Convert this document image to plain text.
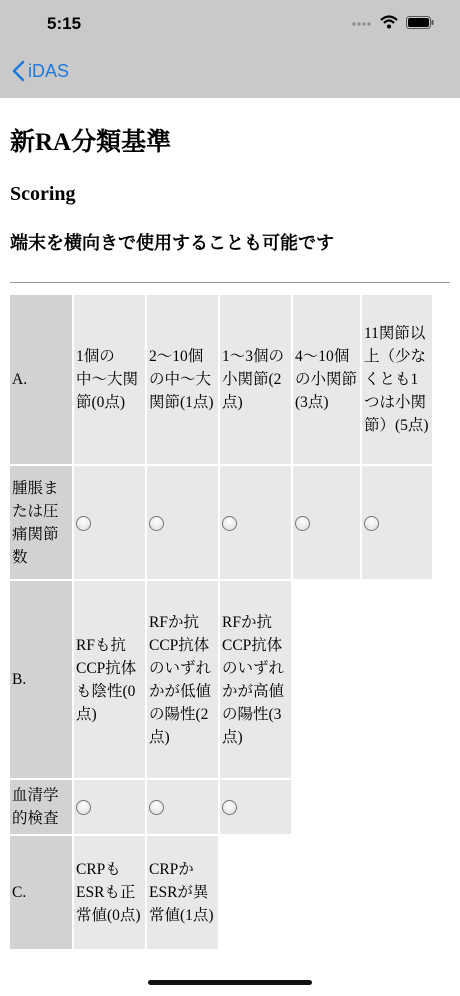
5:15
iDAS
新RA分類基準
Scoring
端末を横向きで使用することも可能です
A.	1個の中〜大関節(0点)	2〜10個の中〜大関節(1点)	1〜3個の小関節(2点)	4〜10個の小関節(3点)	11関節以上（少なくとも1つは小関節）(5点)
腫脹または圧痛関節数					
B.	RFも抗CCP抗体も陰性(0点)	RFか抗CCP抗体のいずれかが低値の陽性(2点)	RFか抗CCP抗体のいずれかが高値の陽性(3点)		
血清学的検査					
C.	CRPもESRも正常値(0点)	CRPかESRが異常値(1点)			
